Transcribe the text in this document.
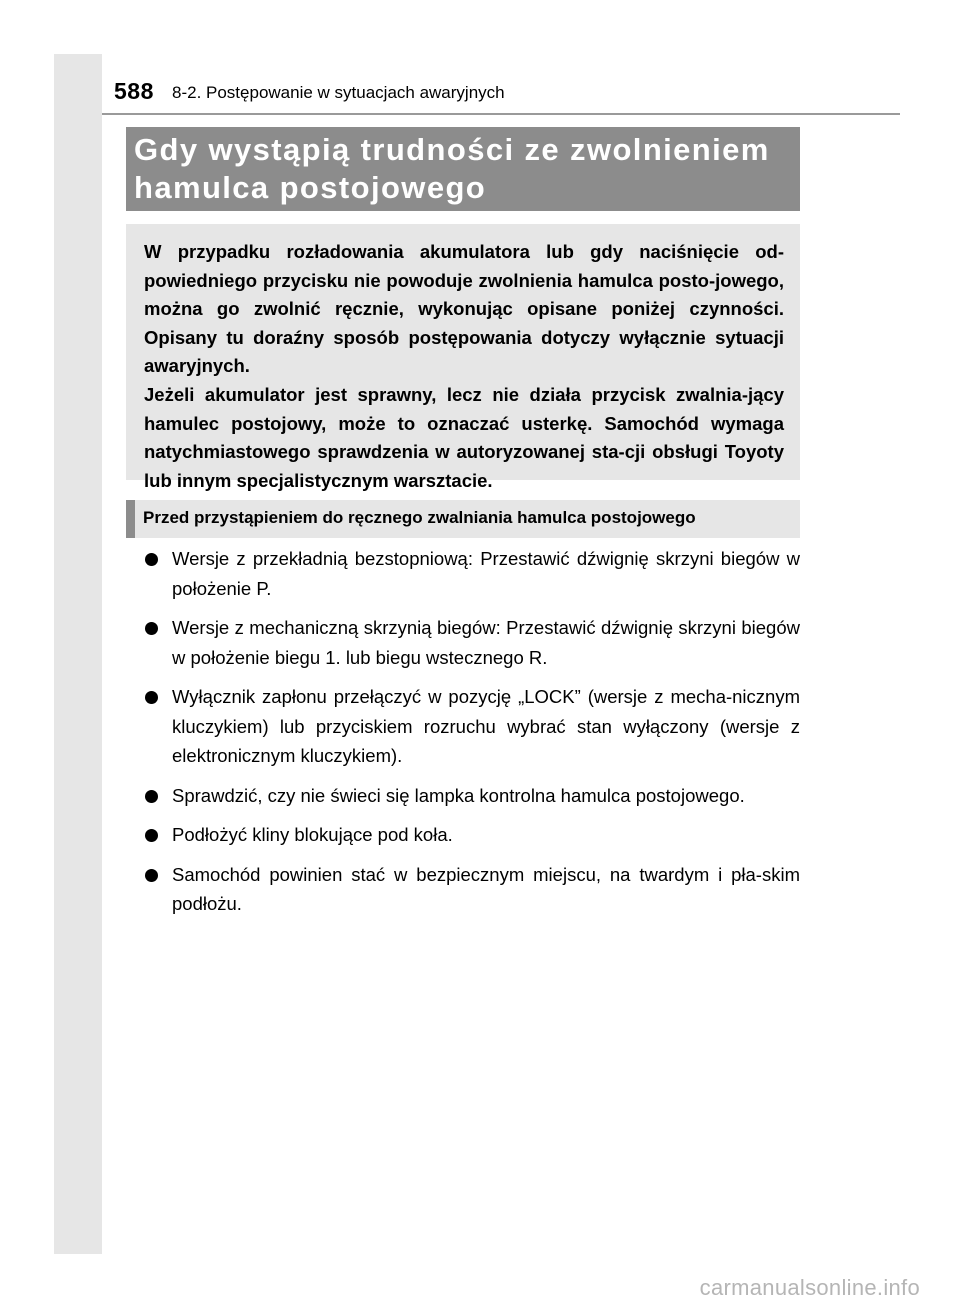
588 8-2. Postępowanie w sytuacjach awaryjnych
Gdy wystąpią trudności ze zwolnieniem hamulca postojowego

W przypadku rozładowania akumulatora lub gdy naciśnięcie od-powiedniego przycisku nie powoduje zwolnienia hamulca posto-jowego, można go zwolnić ręcznie, wykonując opisane poniżej czynności. Opisany tu doraźny sposób postępowania dotyczy wyłącznie sytuacji awaryjnych.

Jeżeli akumulator jest sprawny, lecz nie działa przycisk zwalnia-jący hamulec postojowy, może to oznaczać usterkę. Samochód wymaga natychmiastowego sprawdzenia w autoryzowanej sta-cji obsługi Toyoty lub innym specjalistycznym warsztacie.

Przed przystąpieniem do ręcznego zwalniania hamulca postojowego
Wersje z przekładnią bezstopniową: Przestawić dźwignię skrzyni biegów w położenie P.
Wersje z mechaniczną skrzynią biegów: Przestawić dźwignię skrzyni biegów w położenie biegu 1. lub biegu wstecznego R.
Wyłącznik zapłonu przełączyć w pozycję „LOCK” (wersje z mecha-nicznym kluczykiem) lub przyciskiem rozruchu wybrać stan wyłączony (wersje z elektronicznym kluczykiem).
Sprawdzić, czy nie świeci się lampka kontrolna hamulca postojowego.
Podłożyć kliny blokujące pod koła.
Samochód powinien stać w bezpiecznym miejscu, na twardym i pła-skim podłożu.
carmanualsonline.info
